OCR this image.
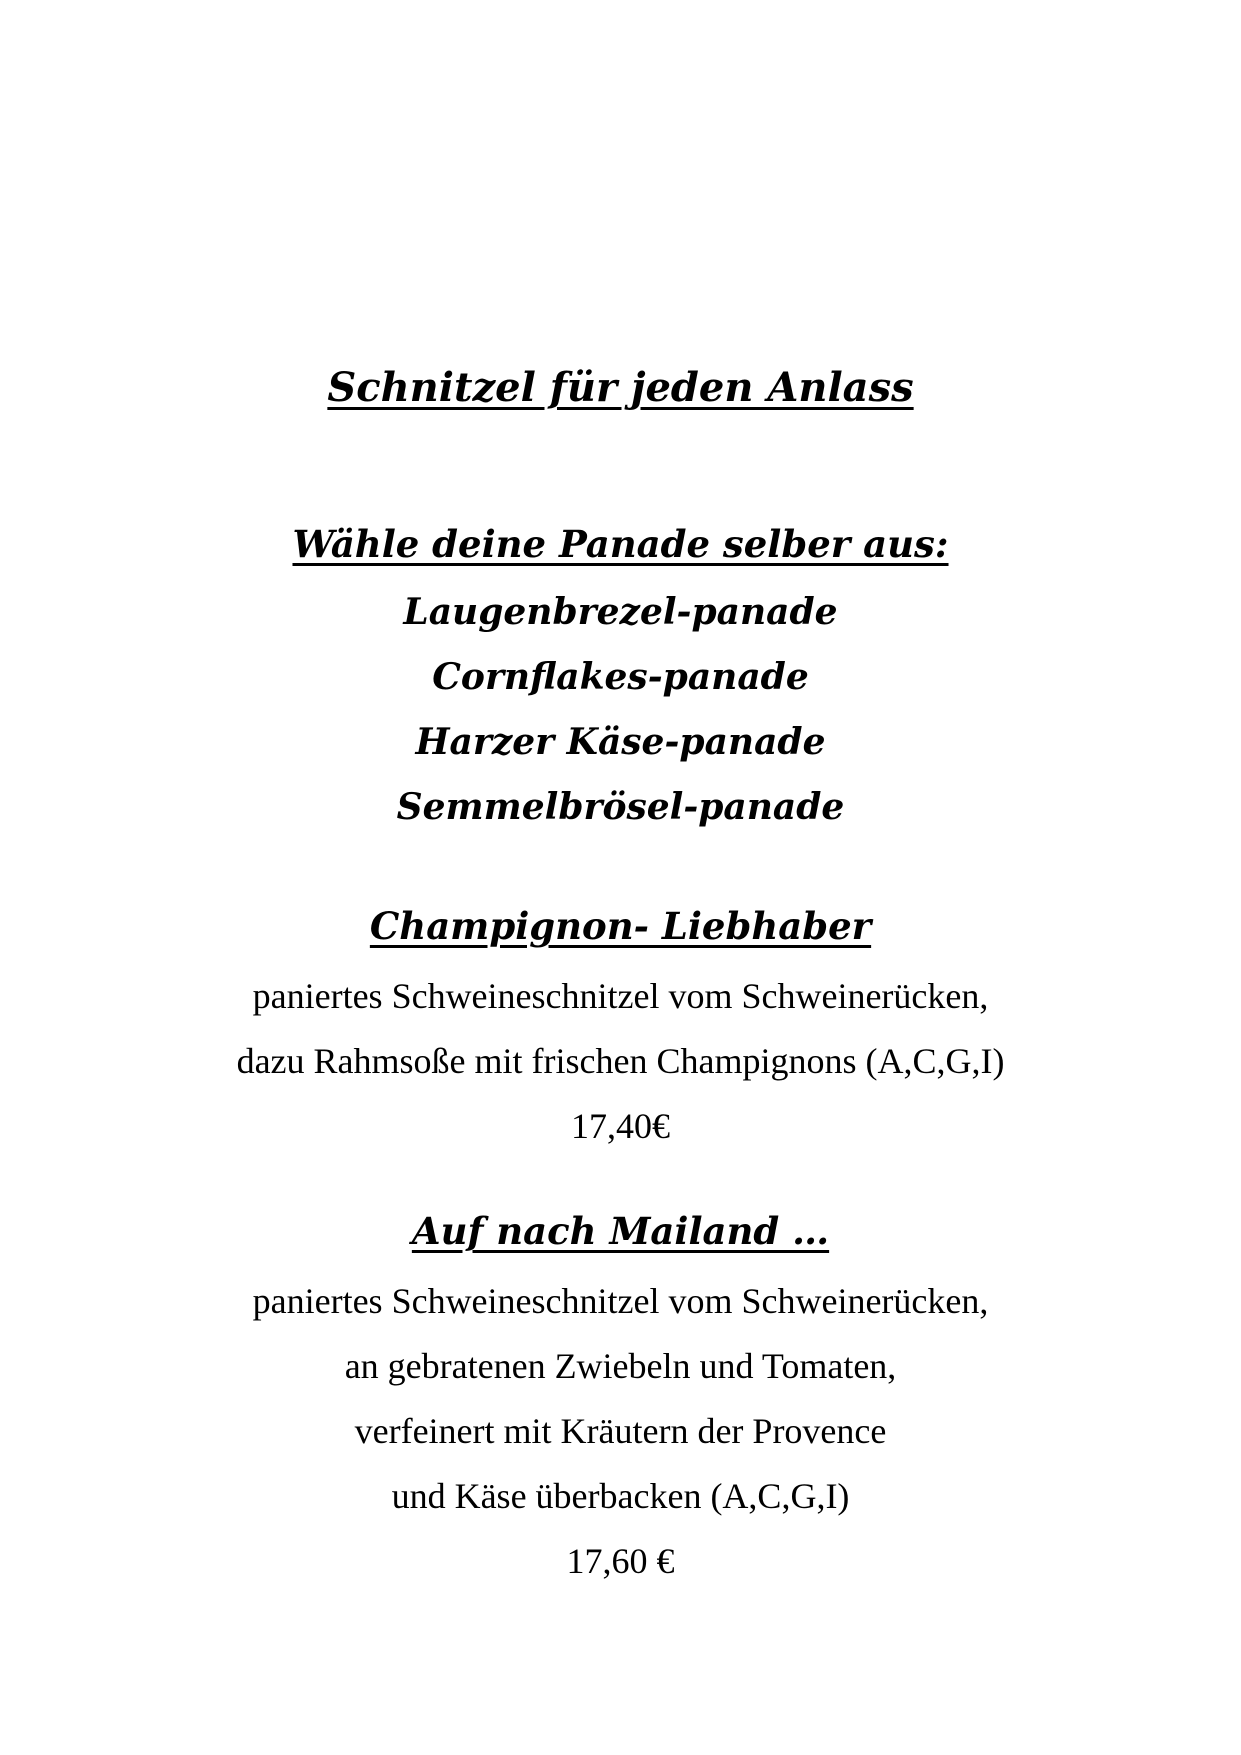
Schnitzel für jeden Anlass
Wähle deine Panade selber aus:
Laugenbrezel-panade
Cornflakes-panade
Harzer Käse-panade
Semmelbrösel-panade
Champignon- Liebhaber

paniertes Schweineschnitzel vom Schweinerücken,

dazu Rahmsoße mit frischen Champignons (A,C,G,I)

17,40€

Auf nach Mailand …

paniertes Schweineschnitzel vom Schweinerücken,

an gebratenen Zwiebeln und Tomaten,

verfeinert mit Kräutern der Provence

und Käse überbacken (A,C,G,I)

17,60 €
